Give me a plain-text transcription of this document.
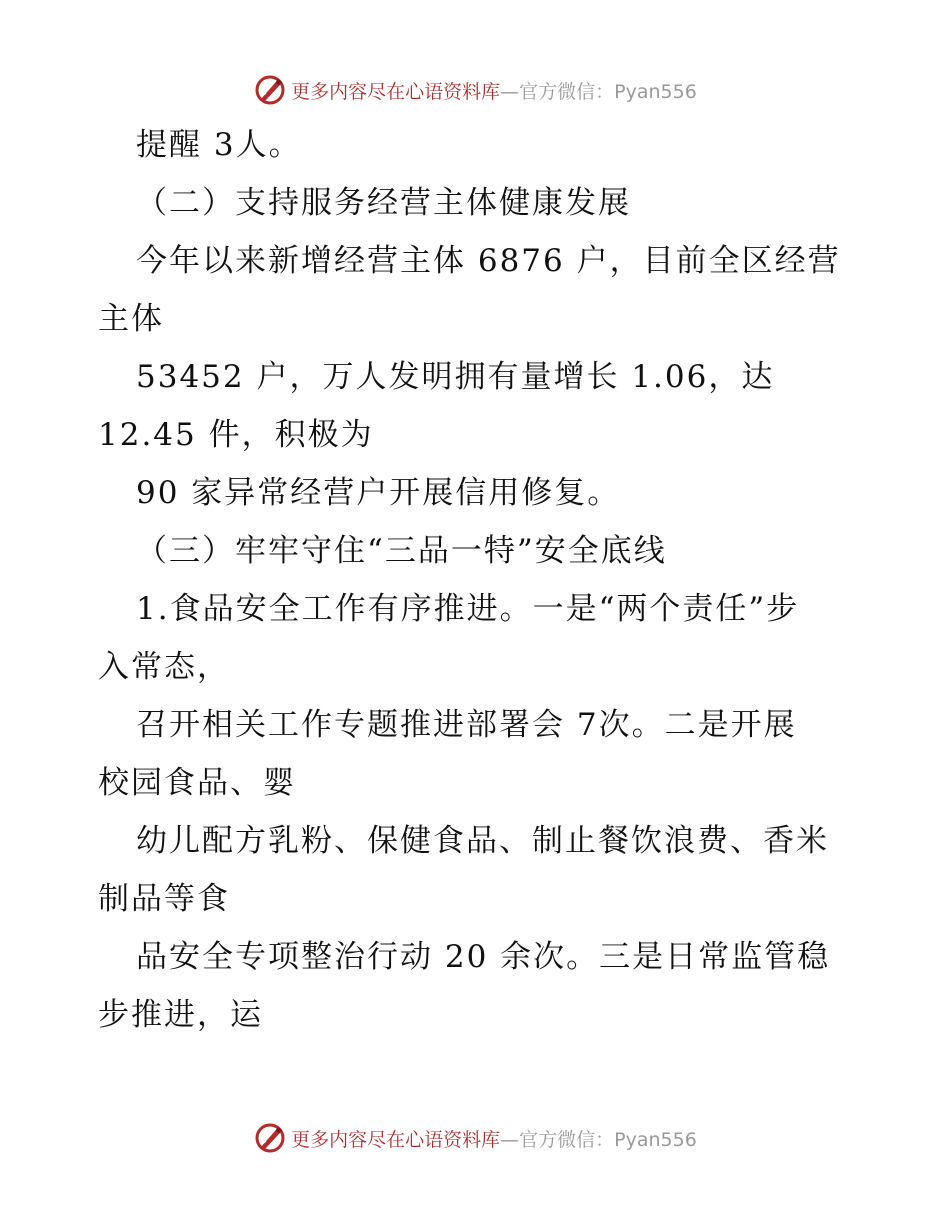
更多内容尽在心语资料库—官方微信：Pyan556
提醒 3人。
（二）支持服务经营主体健康发展
今年以来新增经营主体 6876 户，目前全区经营
主体
53452 户，万人发明拥有量增长 1.06，达
12.45 件，积极为
90 家异常经营户开展信用修复。
（三）牢牢守住“三品一特”安全底线
1.食品安全工作有序推进。一是“两个责任”步
入常态，
召开相关工作专题推进部署会 7次。二是开展
校园食品、婴
幼儿配方乳粉、保健食品、制止餐饮浪费、香米
制品等食
品安全专项整治行动 20 余次。三是日常监管稳
步推进，运
更多内容尽在心语资料库—官方微信：Pyan556
